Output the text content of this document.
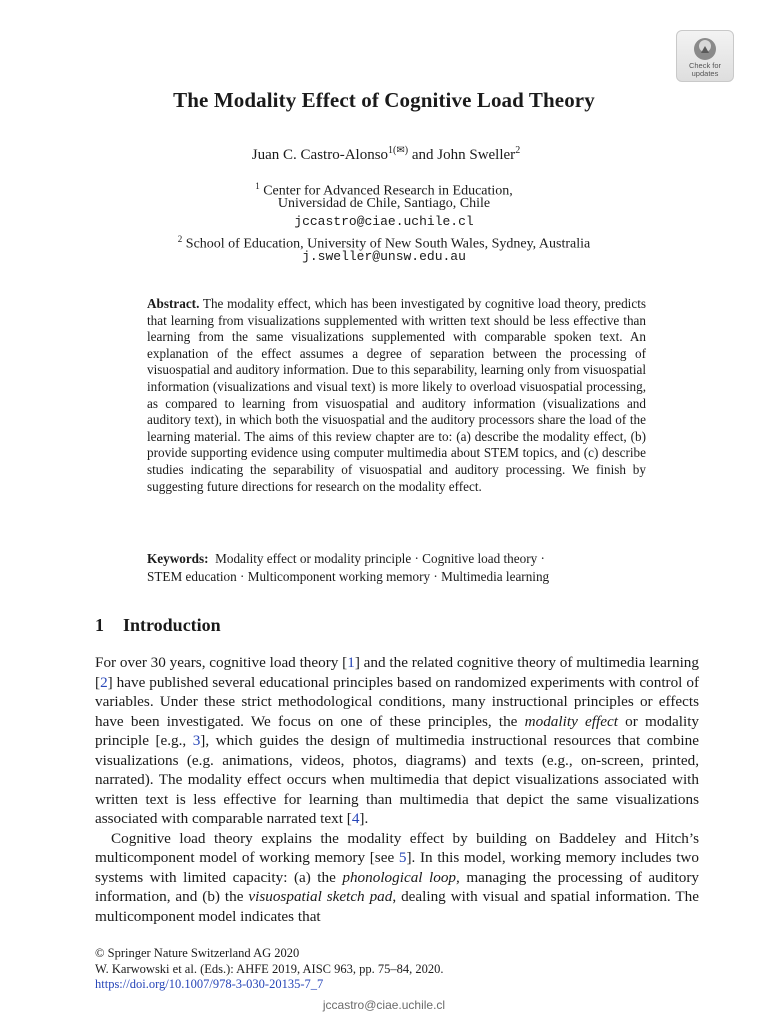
Check for
updates
The Modality Effect of Cognitive Load Theory
Juan C. Castro-Alonso$^{1(✉)}$ and John Sweller$^2$
$^1$ Center for Advanced Research in Education,
Universidad de Chile, Santiago, Chile
jccastro@ciae.uchile.cl
$^2$ School of Education, University of New South Wales, Sydney, Australia
j.sweller@unsw.edu.au
Abstract. The modality effect, which has been investigated by cognitive load theory, predicts that learning from visualizations supplemented with written text should be less effective than learning from the same visualizations supplemented with comparable spoken text. An explanation of the effect assumes a degree of separation between the processing of visuospatial and auditory information. Due to this separability, learning only from visuospatial information (visualizations and visual text) is more likely to overload visuospatial processing, as compared to learning from visuospatial and auditory information (visualizations and auditory text), in which both the visuospatial and the auditory processors share the load of the learning material. The aims of this review chapter are to: (a) describe the modality effect, (b) provide supporting evidence using computer multimedia about STEM topics, and (c) describe studies indicating the separability of visuospatial and auditory processing. We finish by suggesting future directions for research on the modality effect.
Keywords: Modality effect or modality principle · Cognitive load theory ·
STEM education · Multicomponent working memory · Multimedia learning
1 Introduction

For over 30 years, cognitive load theory [1] and the related cognitive theory of multimedia learning [2] have published several educational principles based on randomized experiments with control of variables. Under these strict methodological conditions, many instructional principles or effects have been investigated. We focus on one of these principles, the modality effect or modality principle [e.g., 3], which guides the design of multimedia instructional resources that combine visualizations (e.g. animations, videos, photos, diagrams) and texts (e.g., on-screen, printed, narrated). The modality effect occurs when multimedia that depict visualizations associated with written text is less effective for learning than multimedia that depict the same visualizations associated with comparable narrated text [4].

Cognitive load theory explains the modality effect by building on Baddeley and Hitch’s multicomponent model of working memory [see 5]. In this model, working memory includes two systems with limited capacity: (a) the phonological loop, managing the processing of auditory information, and (b) the visuospatial sketch pad, dealing with visual and spatial information. The multicomponent model indicates that

© Springer Nature Switzerland AG 2020
W. Karwowski et al. (Eds.): AHFE 2019, AISC 963, pp. 75–84, 2020.
https://doi.org/10.1007/978-3-030-20135-7_7
jccastro@ciae.uchile.cl
